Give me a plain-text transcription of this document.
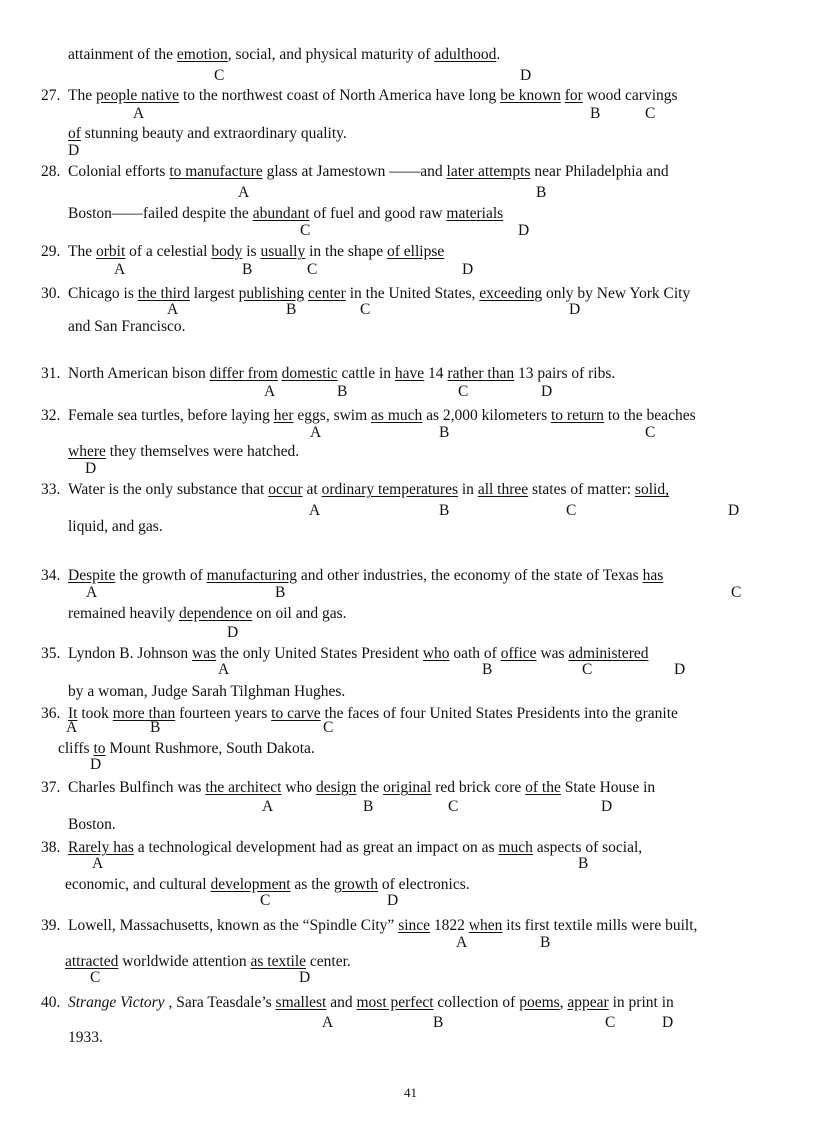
27.
28.
29.
30.
31.
32.
33.
34.
35.
36.
37.
38.
39.
40.
attainment of the emotion, social, and physical maturity of adulthood.
C	D
The people native to the northwest coast of North America have long be known for wood carvings
of stunning beauty and extraordinary quality.
A	B	C
D
Colonial efforts to manufacture glass at Jamestown ——and later attempts near Philadelphia and
Boston——failed despite the abundant of fuel and good raw materials
A	B
C	D
The orbit of a celestial body is usually in the shape of ellipse
A	B	C	D
Chicago is the third largest publishing center in the United States, exceeding only by New York City
and San Francisco.
A	B	C	D
North American bison differ from domestic cattle in have 14 rather than 13 pairs of ribs.
A	B	C	D
Female sea turtles, before laying her eggs, swim as much as 2,000 kilometers to return to the beaches
where they themselves were hatched.
A	B	C
D
Water is the only substance that occur at ordinary temperatures in all three states of matter: solid,
liquid, and gas.
A	B	C	D
Despite the growth of manufacturing and other industries, the economy of the state of Texas has
remained heavily dependence on oil and gas.
A	B	C
D
Lyndon B. Johnson was the only United States President who oath of office was administered
by a woman, Judge Sarah Tilghman Hughes.
A	B	C	D
It took more than fourteen years to carve the faces of four United States Presidents into the granite
cliffs to Mount Rushmore, South Dakota.
A	B	C
D
Charles Bulfinch was the architect who design the original red brick core of the State House in
Boston.
A	B	C	D
Rarely has a technological development had as great an impact on as much aspects of social,
economic, and cultural development as the growth of electronics.
A	B
C	D
Lowell, Massachusetts, known as the “Spindle City” since 1822 when its first textile mills were built,
attracted worldwide attention as textile center.
A	B
C	D
Strange Victory , Sara Teasdale’s smallest and most perfect collection of poems, appear in print in
1933.
A	B	C	D
41
